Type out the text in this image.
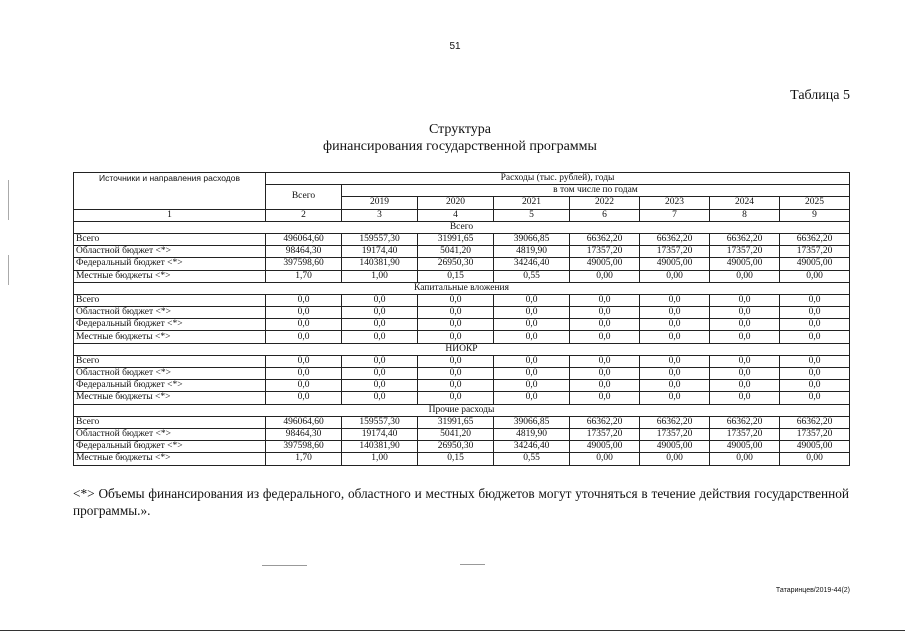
51
Таблица 5
Структура
финансирования государственной программы
Источники и направления расходов	Расходы (тыс. рублей), годы							
	Всего	в том числе по годам						
		2019	2020	2021	2022	2023	2024	2025
1	2	3	4	5	6	7	8	9
Всего								
Всего	496064,60	159557,30	31991,65	39066,85	66362,20	66362,20	66362,20	66362,20
Областной бюджет <*>	98464,30	19174,40	5041,20	4819,90	17357,20	17357,20	17357,20	17357,20
Федеральный бюджет <*>	397598,60	140381,90	26950,30	34246,40	49005,00	49005,00	49005,00	49005,00
Местные бюджеты <*>	1,70	1,00	0,15	0,55	0,00	0,00	0,00	0,00
Капитальные вложения								
Всего	0,0	0,0	0,0	0,0	0,0	0,0	0,0	0,0
Областной бюджет <*>	0,0	0,0	0,0	0,0	0,0	0,0	0,0	0,0
Федеральный бюджет <*>	0,0	0,0	0,0	0,0	0,0	0,0	0,0	0,0
Местные бюджеты <*>	0,0	0,0	0,0	0,0	0,0	0,0	0,0	0,0
НИОКР								
Всего	0,0	0,0	0,0	0,0	0,0	0,0	0,0	0,0
Областной бюджет <*>	0,0	0,0	0,0	0,0	0,0	0,0	0,0	0,0
Федеральный бюджет <*>	0,0	0,0	0,0	0,0	0,0	0,0	0,0	0,0
Местные бюджеты <*>	0,0	0,0	0,0	0,0	0,0	0,0	0,0	0,0
Прочие расходы								
Всего	496064,60	159557,30	31991,65	39066,85	66362,20	66362,20	66362,20	66362,20
Областной бюджет <*>	98464,30	19174,40	5041,20	4819,90	17357,20	17357,20	17357,20	17357,20
Федеральный бюджет <*>	397598,60	140381,90	26950,30	34246,40	49005,00	49005,00	49005,00	49005,00
Местные бюджеты <*>	1,70	1,00	0,15	0,55	0,00	0,00	0,00	0,00
<*> Объемы финансирования из федерального, областного и местных бюджетов могут уточняться в течение действия государственной программы.».
Татаринцев/2019-44(2)
